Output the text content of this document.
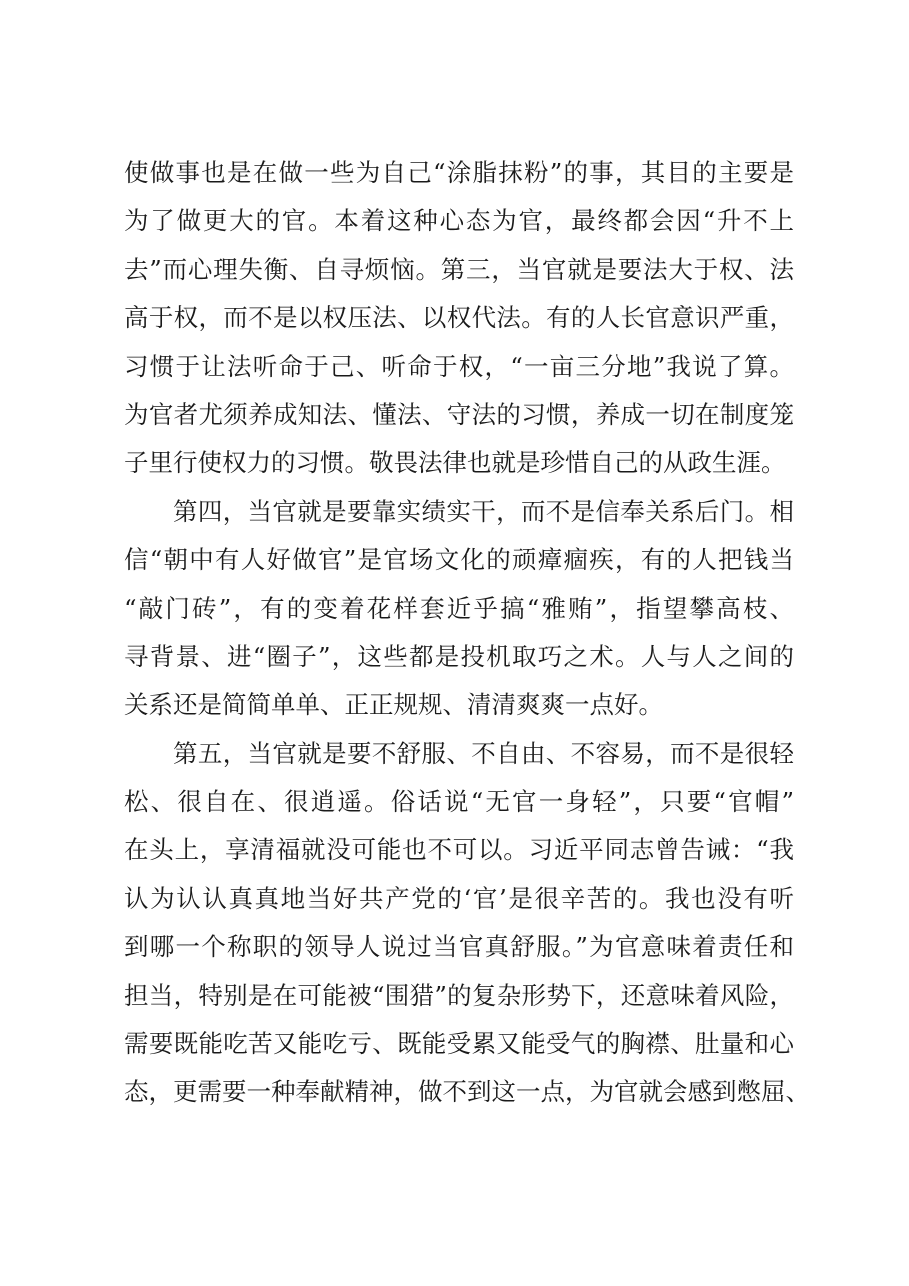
使做事也是在做一些为自己“涂脂抹粉”的事，其目的主要是
为了做更大的官。本着这种心态为官，最终都会因“升不上
去”而心理失衡、自寻烦恼。第三，当官就是要法大于权、法
高于权，而不是以权压法、以权代法。有的人长官意识严重，
习惯于让法听命于己、听命于权，“一亩三分地”我说了算。
为官者尤须养成知法、懂法、守法的习惯，养成一切在制度笼
子里行使权力的习惯。敬畏法律也就是珍惜自己的从政生涯。
第四，当官就是要靠实绩实干，而不是信奉关系后门。相
信“朝中有人好做官”是官场文化的顽瘴痼疾，有的人把钱当
“敲门砖”，有的变着花样套近乎搞“雅贿”，指望攀高枝、
寻背景、进“圈子”，这些都是投机取巧之术。人与人之间的
关系还是简简单单、正正规规、清清爽爽一点好。
第五，当官就是要不舒服、不自由、不容易，而不是很轻
松、很自在、很逍遥。俗话说“无官一身轻”，只要“官帽”
在头上，享清福就没可能也不可以。习近平同志曾告诫：“我
认为认认真真地当好共产党的‘官’是很辛苦的。我也没有听
到哪一个称职的领导人说过当官真舒服。”为官意味着责任和
担当，特别是在可能被“围猎”的复杂形势下，还意味着风险，
需要既能吃苦又能吃亏、既能受累又能受气的胸襟、肚量和心
态，更需要一种奉献精神，做不到这一点，为官就会感到憋屈、
